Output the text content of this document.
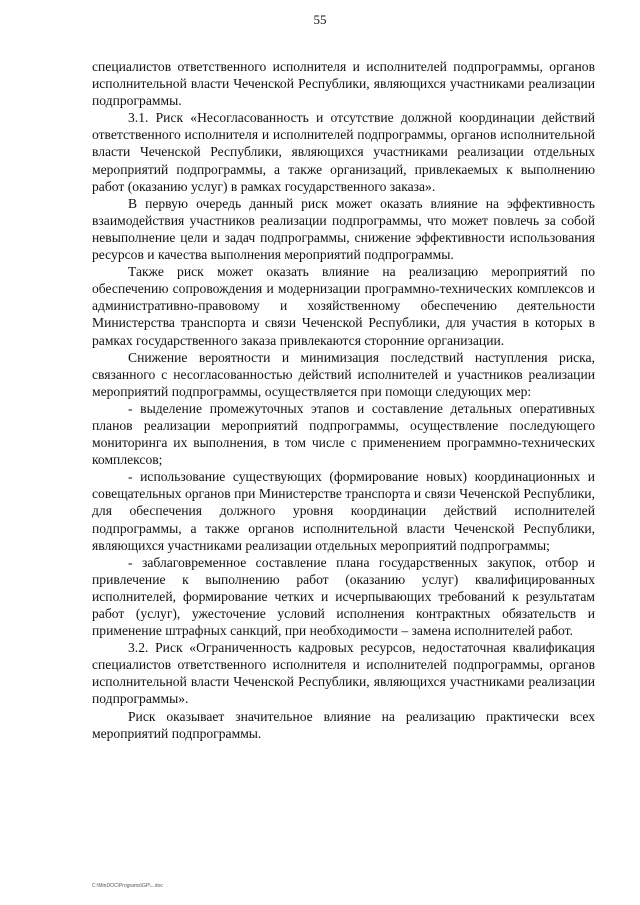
55

специалистов ответственного исполнителя и исполнителей подпрограммы, органов исполнительной власти Чеченской Республики, являющихся участниками реализации подпрограммы.

3.1. Риск «Несогласованность и отсутствие должной координации действий ответственного исполнителя и исполнителей подпрограммы, органов исполнительной власти Чеченской Республики, являющихся участниками реализации отдельных мероприятий подпрограммы, а также организаций, привлекаемых к выполнению работ (оказанию услуг) в рамках государственного заказа».

В первую очередь данный риск может оказать влияние на эффективность взаимодействия участников реализации подпрограммы, что может повлечь за собой невыполнение цели и задач подпрограммы, снижение эффективности использования ресурсов и качества выполнения мероприятий подпрограммы.

Также риск может оказать влияние на реализацию мероприятий по обеспечению сопровождения и модернизации программно-технических комплексов и административно-правовому и хозяйственному обеспечению деятельности Министерства транспорта и связи Чеченской Республики, для участия в которых в рамках государственного заказа привлекаются сторонние организации.

Снижение вероятности и минимизация последствий наступления риска, связанного с несогласованностью действий исполнителей и участников реализации мероприятий подпрограммы, осуществляется при помощи следующих мер:

- выделение промежуточных этапов и составление детальных оперативных планов реализации мероприятий подпрограммы, осуществление последующего мониторинга их выполнения, в том числе с применением программно-технических комплексов;

- использование существующих (формирование новых) координационных и совещательных органов при Министерстве транспорта и связи Чеченской Республики, для обеспечения должного уровня координации действий исполнителей подпрограммы, а также органов исполнительной власти Чеченской Республики, являющихся участниками реализации отдельных мероприятий подпрограммы;

- заблаговременное составление плана государственных закупок, отбор и привлечение к выполнению работ (оказанию услуг) квалифицированных исполнителей, формирование четких и исчерпывающих требований к результатам работ (услуг), ужесточение условий исполнения контрактных обязательств и применение штрафных санкций, при необходимости – замена исполнителей работ.

3.2. Риск «Ограниченность кадровых ресурсов, недостаточная квалификация специалистов ответственного исполнителя и исполнителей подпрограммы, органов исполнительной власти Чеченской Республики, являющихся участниками реализации подпрограммы».

Риск оказывает значительное влияние на реализацию практически всех мероприятий подпрограммы.

С:\MinDOC\Programs\GP\...doc
